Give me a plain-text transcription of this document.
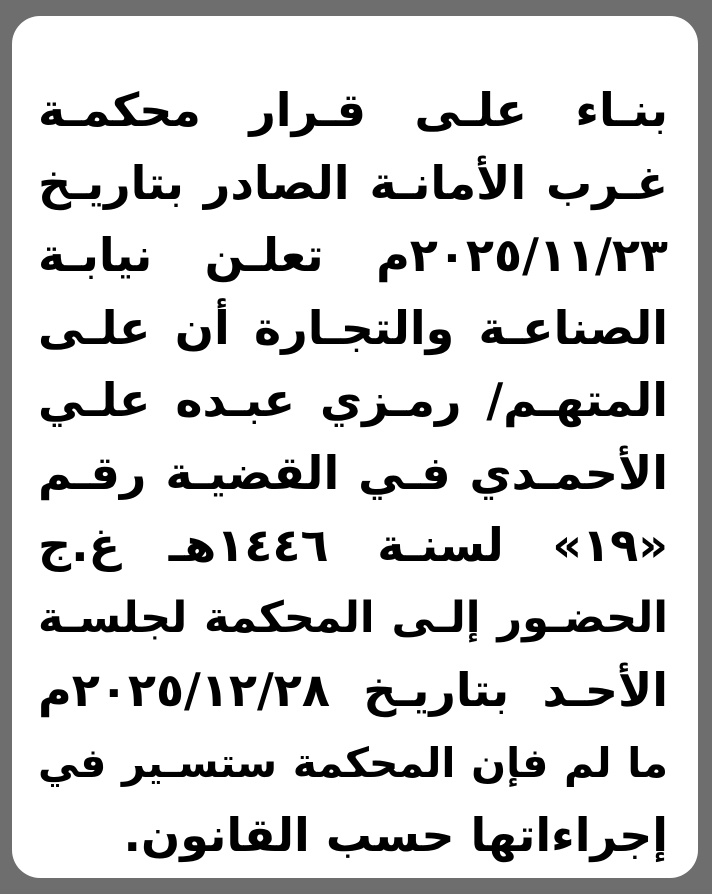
بنـاء علـى قـرار محكمـة
غـرب الأمانـة الصادر بتاريـخ
٢٠٢٥/١١/٢٣م تعلـن نيابـة
الصناعـة والتجـارة أن علـى
المتهـم/ رمـزي عبـده علـي
الأحمـدي فـي القضيـة رقـم
«١٩» لسنـة ١٤٤٦هـ غ.ج
الحضـور إلـى المحكمة لجلسـة
الأحـد بتاريـخ ٢٠٢٥/١٢/٢٨م
ما لم فإن المحكمة ستسـير في
إجراءاتها حسب القانون.
